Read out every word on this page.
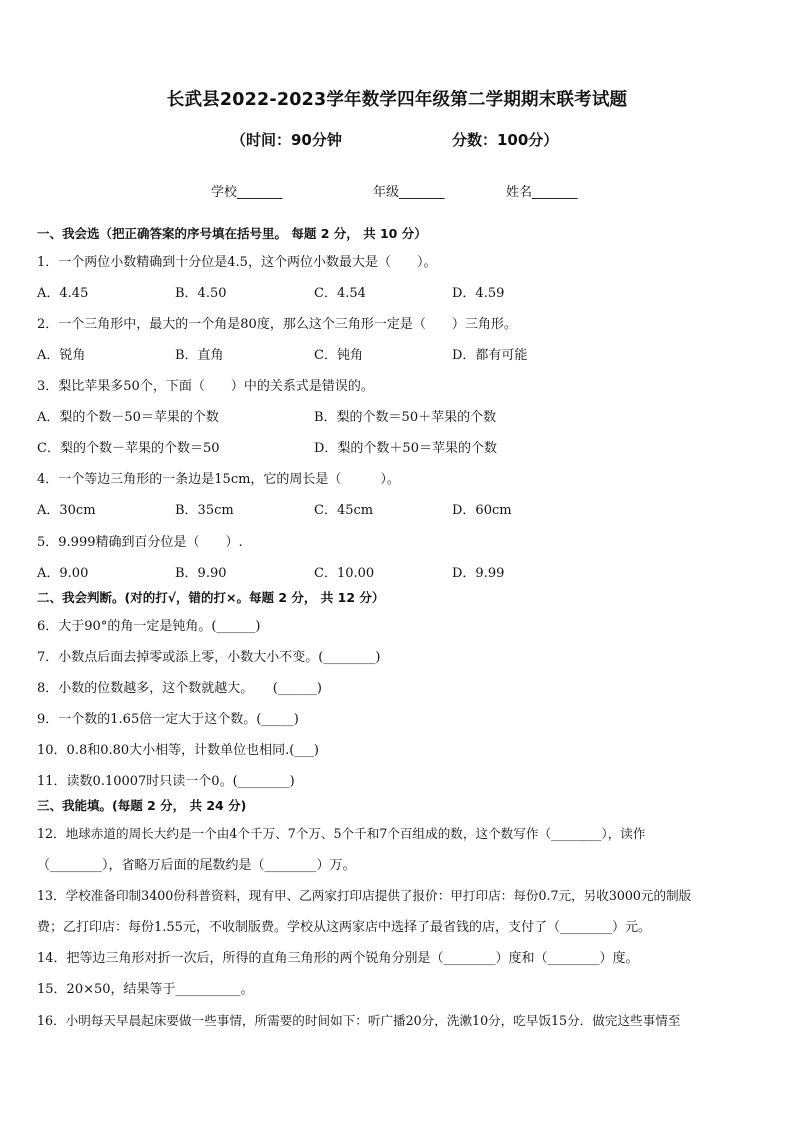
长武县2022-2023学年数学四年级第二学期期末联考试题
（时间：90分钟	分数：100分）
学校_______	年级_______	姓名_______
一、我会选（把正确答案的序号填在括号里。 每题 2 分， 共 10 分）
1．一个两位小数精确到十分位是4.5，这个两位小数最大是（　　）。
A．4.45	B．4.50	C．4.54	D．4.59
2．一个三角形中，最大的一个角是80度，那么这个三角形一定是（　　）三角形。
A．锐角	B．直角	C．钝角	D．都有可能
3．梨比苹果多50个，下面（　　）中的关系式是错误的。
A．梨的个数－50＝苹果的个数	B．梨的个数＝50＋苹果的个数
C．梨的个数－苹果的个数＝50	D．梨的个数＋50＝苹果的个数
4．一个等边三角形的一条边是15cm，它的周长是（　　　）。
A．30cm	B．35cm	C．45cm	D．60cm
5．9.999精确到百分位是（　　）.
A．9.00	B．9.90	C．10.00	D．9.99
二、我会判断。(对的打√，错的打×。每题 2 分， 共 12 分）
6．大于90°的角一定是钝角。(______)
7．小数点后面去掉零或添上零，小数大小不变。(________)
8．小数的位数越多，这个数就越大。　　(______)
9．一个数的1.65倍一定大于这个数。(_____)
10．0.8和0.80大小相等，计数单位也相同.(___)
11．读数0.10007时只读一个0。(________)
三、我能填。(每题 2 分， 共 24 分)
12．地球赤道的周长大约是一个由4个千万、7个万、5个千和7个百组成的数，这个数写作（________），读作
（________），省略万后面的尾数约是（________）万。
13．学校准备印制3400份科普资料，现有甲、乙两家打印店提供了报价：甲打印店：每份0.7元，另收3000元的制版
费；乙打印店：每份1.55元，不收制版费。学校从这两家店中选择了最省钱的店，支付了（________）元。
14．把等边三角形对折一次后，所得的直角三角形的两个锐角分别是（________）度和（________）度。
15．20×50，结果等于__________。
16．小明每天早晨起床要做一些事情，所需要的时间如下：听广播20分，洗漱10分，吃早饭15分．做完这些事情至
